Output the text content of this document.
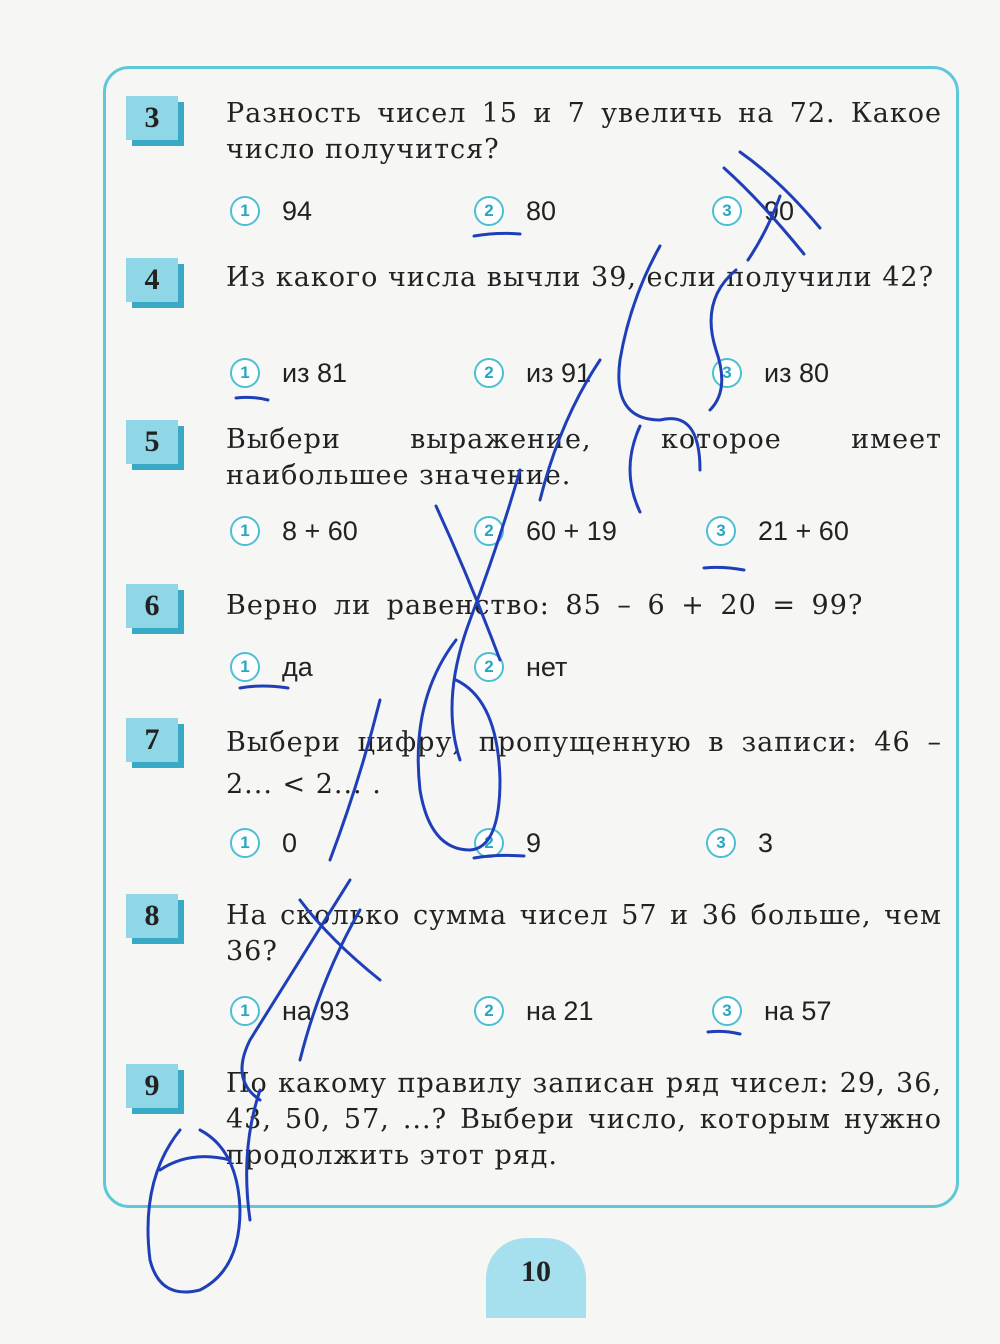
3	Разность чисел 15 и 7 увеличь на 72. Какое число получится?
1	94	2	80	3	90
4	Из какого числа вычли 39, если получили 42?
1	из 81	2	из 91	3	из 80
5	Выбери выражение, которое имеет наибольшее значение.
1	8 + 60	2	60 + 19	3	21 + 60
6	Верно ли равенство: 85 – 6 + 20 = 99?
1	да	2	нет
7	Выбери цифру, пропущенную в записи: 46 – 2... < 2... .
1	0	2	9	3	3
8	На сколько сумма чисел 57 и 36 больше, чем 36?
1	на 93	2	на 21	3	на 57
9	По какому правилу записан ряд чисел: 29, 36, 43, 50, 57, ...? Выбери число, которым нужно продолжить этот ряд.
10
